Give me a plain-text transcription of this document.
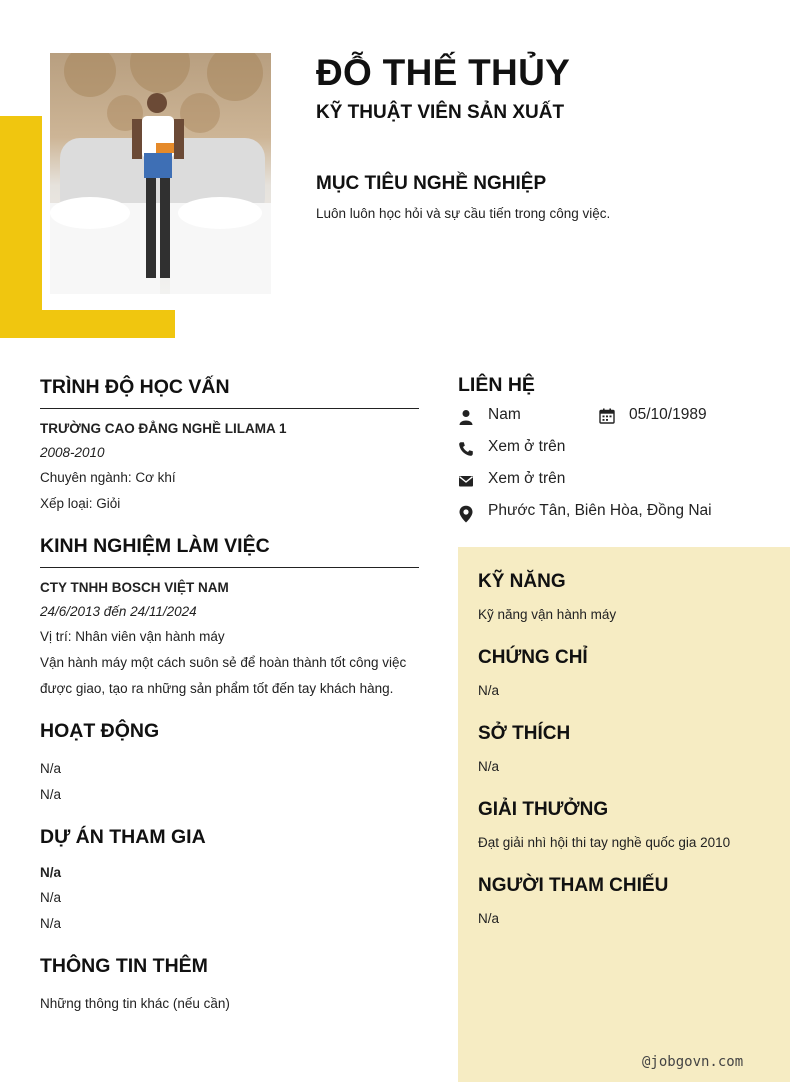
ĐỖ THẾ THỦY
KỸ THUẬT VIÊN SẢN XUẤT
MỤC TIÊU NGHỀ NGHIỆP
Luôn luôn học hỏi và sự cầu tiến trong công việc.
TRÌNH ĐỘ HỌC VẤN
TRƯỜNG CAO ĐẲNG NGHỀ LILAMA 1
2008-2010
Chuyên ngành: Cơ khí
Xếp loại: Giỏi
KINH NGHIỆM LÀM VIỆC
CTY TNHH BOSCH VIỆT NAM
24/6/2013 đến 24/11/2024
Vị trí: Nhân viên vận hành máy
Vận hành máy một cách suôn sẻ để hoàn thành tốt công việc
được giao, tạo ra những sản phẩm tốt đến tay khách hàng.
HOẠT ĐỘNG
N/a
N/a
DỰ ÁN THAM GIA
N/a
N/a
N/a
THÔNG TIN THÊM
Những thông tin khác (nếu cần)
LIÊN HỆ
Nam	05/10/1989
Xem ở trên
Xem ở trên
Phước Tân, Biên Hòa, Đồng Nai
KỸ NĂNG
Kỹ năng vận hành máy
CHỨNG CHỈ
N/a
SỞ THÍCH
N/a
GIẢI THƯỞNG
Đạt giải nhì hội thi tay nghề quốc gia 2010
NGƯỜI THAM CHIẾU
N/a
@jobgovn.com
